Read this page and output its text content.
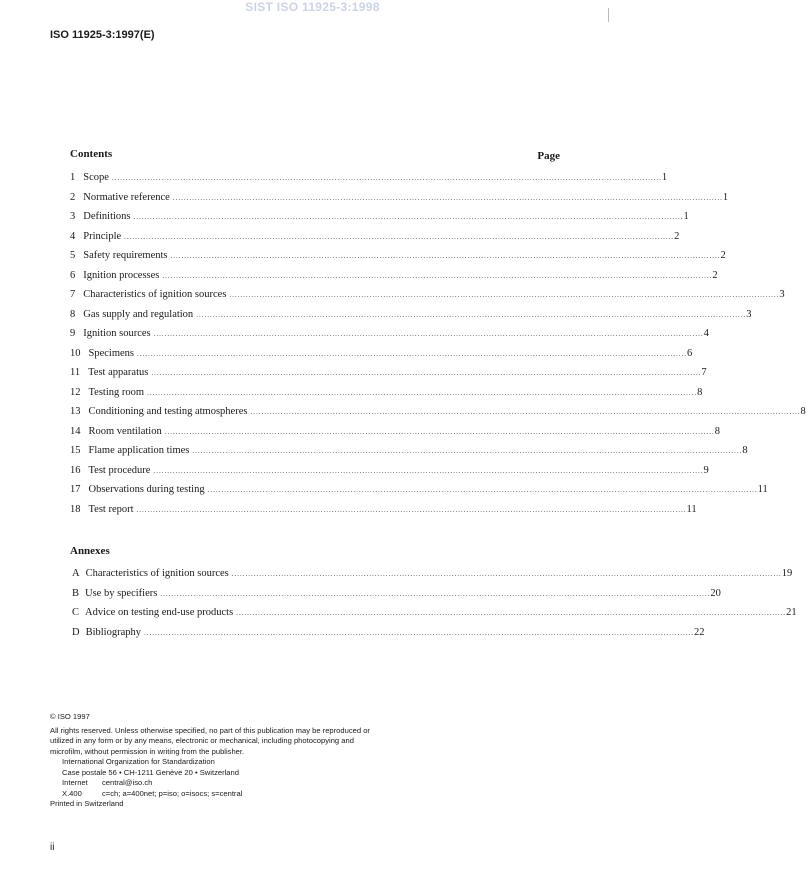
SIST ISO 11925-3:1998
ISO 11925-3:1997(E)
Contents	Page
1 Scope ........................................................................................................................................................................................................ 1
2 Normative reference ........................................................................................................................................................................................................ 1
3 Definitions ........................................................................................................................................................................................................ 1
4 Principle ........................................................................................................................................................................................................ 2
5 Safety requirements ........................................................................................................................................................................................................ 2
6 Ignition processes ........................................................................................................................................................................................................ 2
7 Characteristics of ignition sources ........................................................................................................................................................................................................ 3
8 Gas supply and regulation ........................................................................................................................................................................................................ 3
9 Ignition sources ........................................................................................................................................................................................................ 4
10 Specimens ........................................................................................................................................................................................................ 6
11 Test apparatus ........................................................................................................................................................................................................ 7
12 Testing room ........................................................................................................................................................................................................ 8
13 Conditioning and testing atmospheres ........................................................................................................................................................................................................ 8
14 Room ventilation ........................................................................................................................................................................................................ 8
15 Flame application times ........................................................................................................................................................................................................ 8
16 Test procedure ........................................................................................................................................................................................................ 9
17 Observations during testing ........................................................................................................................................................................................................ 11
18 Test report ........................................................................................................................................................................................................ 11
Annexes
A Characteristics of ignition sources ........................................................................................................................................................................................................ 19
B Use by specifiers ........................................................................................................................................................................................................ 20
C Advice on testing end-use products ........................................................................................................................................................................................................ 21
D Bibliography ........................................................................................................................................................................................................ 22
© ISO 1997
All rights reserved. Unless otherwise specified, no part of this publication may be reproduced or
utilized in any form or by any means, electronic or mechanical, including photocopying and
microfilm, without permission in writing from the publisher.
International Organization for Standardization
Case postale 56 • CH-1211 Genève 20 • Switzerland
Internet central@iso.ch
X.400	c=ch; a=400net; p=iso; o=isocs; s=central
Printed in Switzerland
ii
